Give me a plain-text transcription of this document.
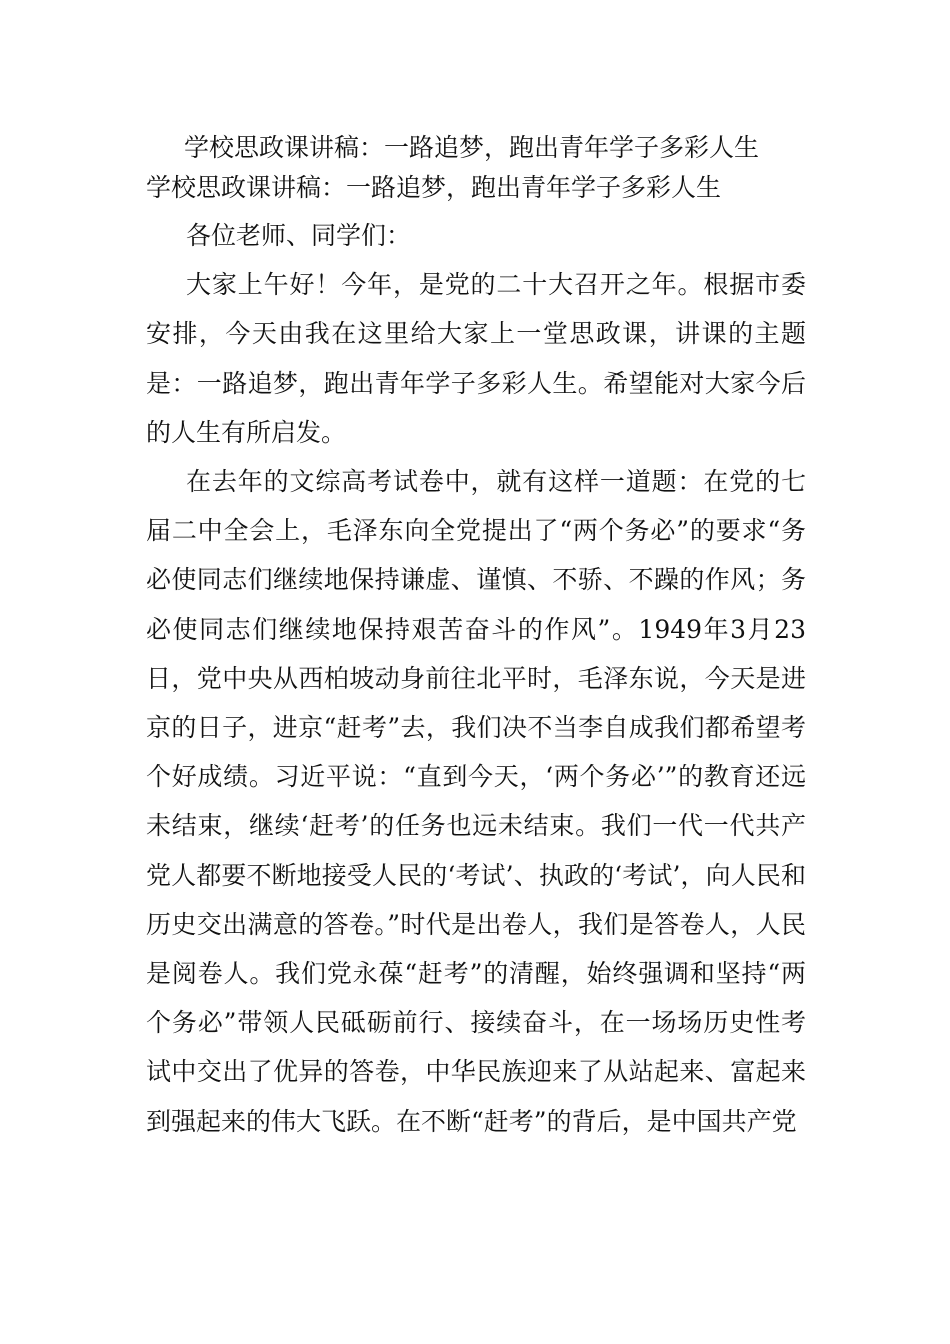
学校思政课讲稿：一路追梦，跑出青年学子多彩人生

学校思政课讲稿：一路追梦，跑出青年学子多彩人生

各位老师、同学们：

大家上午好！今年，是党的二十大召开之年。根据市委安排，今天由我在这里给大家上一堂思政课，讲课的主题是：一路追梦，跑出青年学子多彩人生。希望能对大家今后的人生有所启发。

在去年的文综高考试卷中，就有这样一道题：在党的七届二中全会上，毛泽东向全党提出了“两个务必”的要求“务必使同志们继续地保持谦虚、谨慎、不骄、不躁的作风；务必使同志们继续地保持艰苦奋斗的作风”。1949年3月23日，党中央从西柏坡动身前往北平时，毛泽东说，今天是进京的日子，进京“赶考”去，我们决不当李自成我们都希望考个好成绩。习近平说：“直到今天，‘两个务必’”的教育还远未结束，继续‘赶考’的任务也远未结束。我们一代一代共产党人都要不断地接受人民的‘考试’、执政的‘考试’，向人民和历史交出满意的答卷。”时代是出卷人，我们是答卷人，人民是阅卷人。我们党永葆“赶考”的清醒，始终强调和坚持“两个务必”带领人民砥砺前行、接续奋斗，在一场场历史性考试中交出了优异的答卷，中华民族迎来了从站起来、富起来到强起来的伟大飞跃。在不断“赶考”的背后，是中国共产党
